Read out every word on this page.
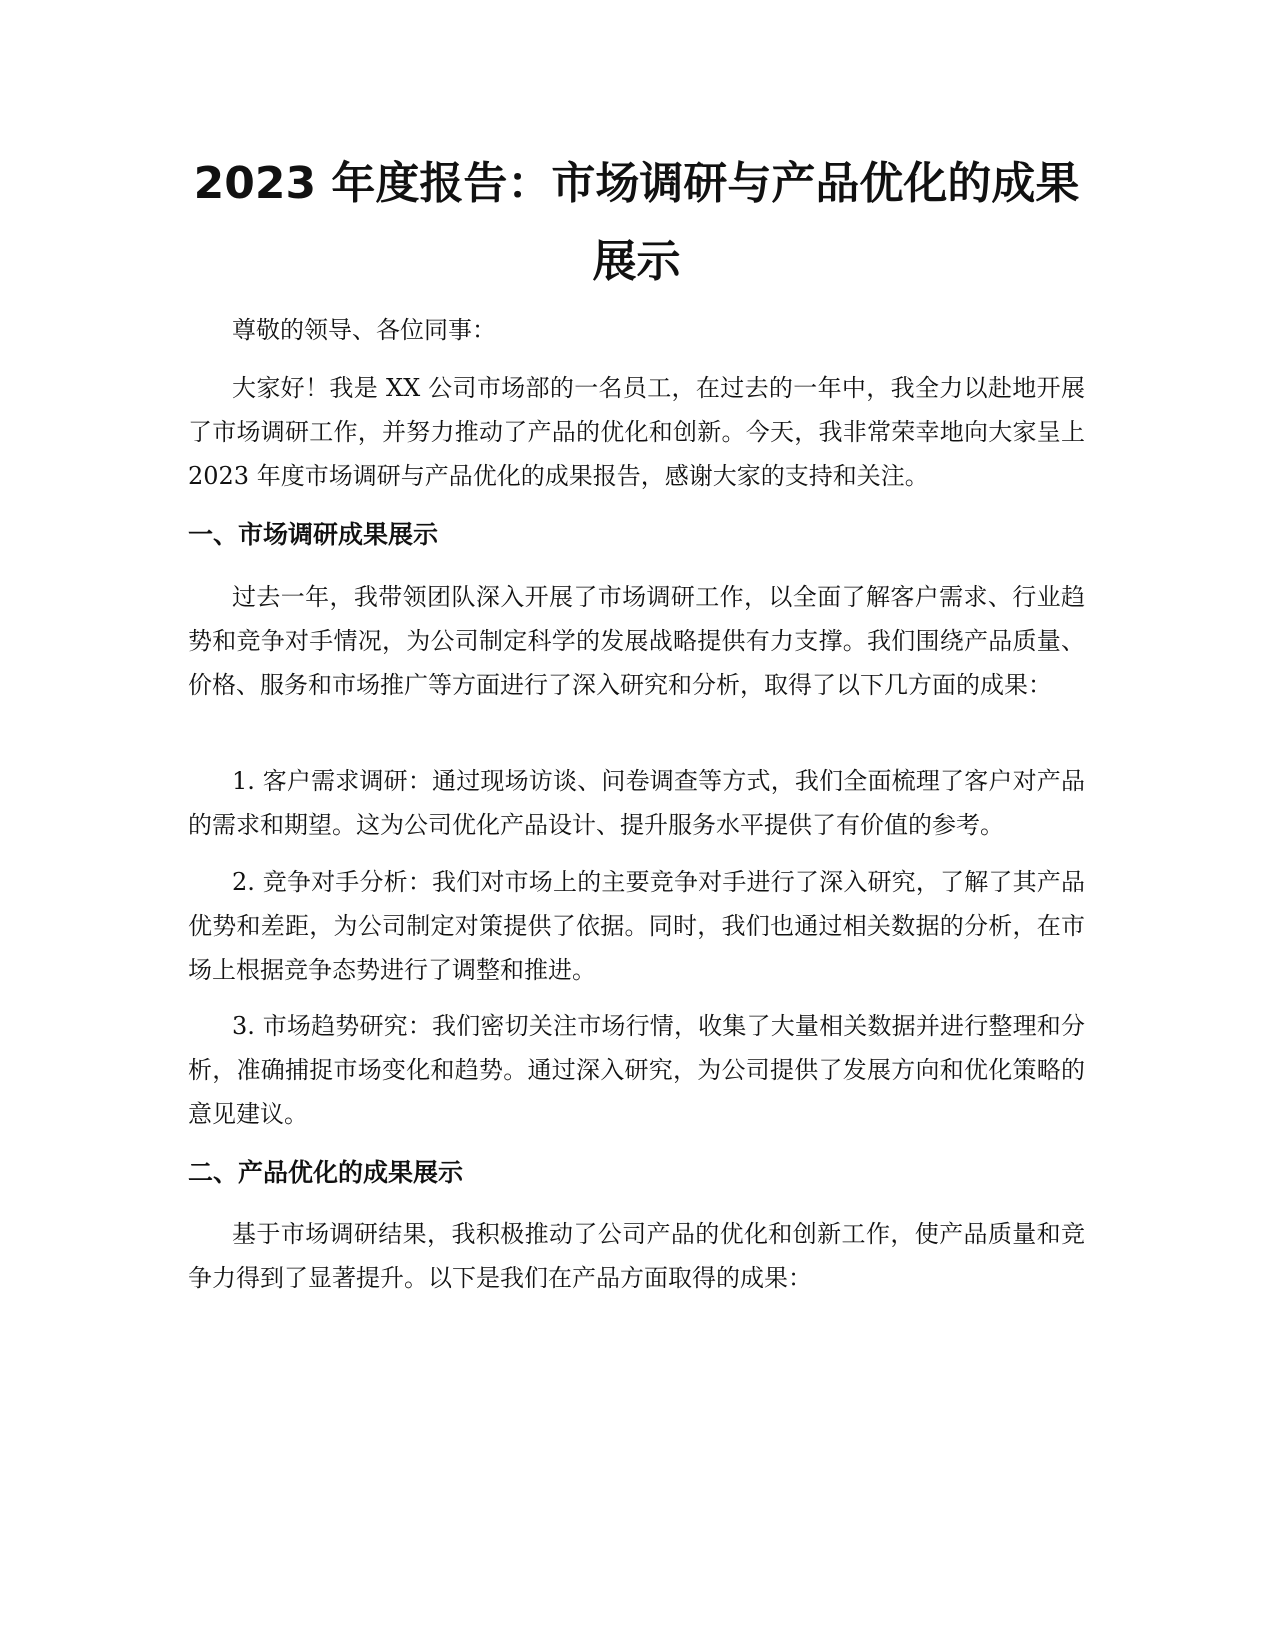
2023 年度报告：市场调研与产品优化的成果展示

尊敬的领导、各位同事：

大家好！我是 XX 公司市场部的一名员工，在过去的一年中，我全力以赴地开展了市场调研工作，并努力推动了产品的优化和创新。今天，我非常荣幸地向大家呈上 2023 年度市场调研与产品优化的成果报告，感谢大家的支持和关注。

一、市场调研成果展示

过去一年，我带领团队深入开展了市场调研工作，以全面了解客户需求、行业趋势和竞争对手情况，为公司制定科学的发展战略提供有力支撑。我们围绕产品质量、价格、服务和市场推广等方面进行了深入研究和分析，取得了以下几方面的成果：

1. 客户需求调研：通过现场访谈、问卷调查等方式，我们全面梳理了客户对产品的需求和期望。这为公司优化产品设计、提升服务水平提供了有价值的参考。

2. 竞争对手分析：我们对市场上的主要竞争对手进行了深入研究，了解了其产品优势和差距，为公司制定对策提供了依据。同时，我们也通过相关数据的分析，在市场上根据竞争态势进行了调整和推进。

3. 市场趋势研究：我们密切关注市场行情，收集了大量相关数据并进行整理和分析，准确捕捉市场变化和趋势。通过深入研究，为公司提供了发展方向和优化策略的意见建议。

二、产品优化的成果展示

基于市场调研结果，我积极推动了公司产品的优化和创新工作，使产品质量和竞争力得到了显著提升。以下是我们在产品方面取得的成果：
